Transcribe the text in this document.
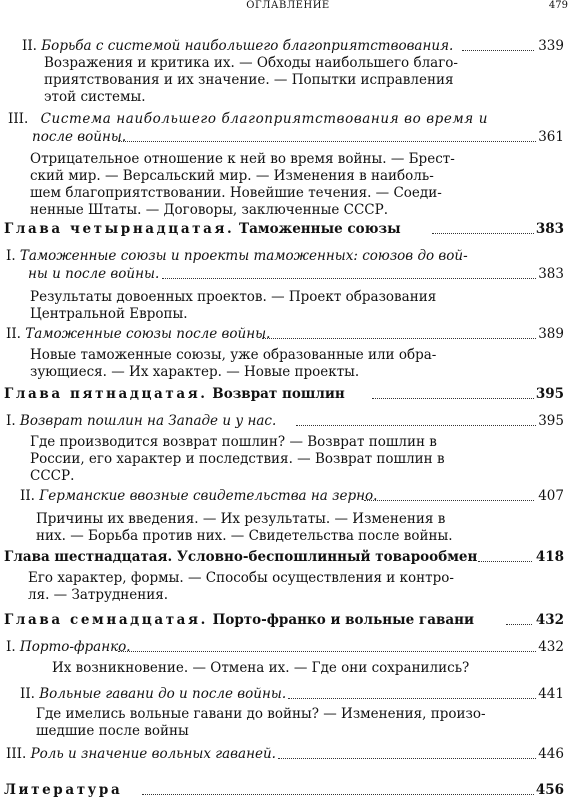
ОГЛАВЛЕНИЕ	479
II. Борьба с системой наибольшего благоприятствования.	339
Возражения и критика их. — Обходы наибольшего благо-
приятствования и их значение. — Попытки исправления
этой системы.
III. Система наибольшего благоприятствования во время и
после войны.	361
Отрицательное отношение к ней во время войны. — Брест-
ский мир. — Версальский мир. — Изменения в наиболь-
шем благоприятствовании. Новейшие течения. — Соеди-
ненные Штаты. — Договоры, заключенные СССР.
Глава четырнадцатая. Таможенные союзы	383
I. Таможенные союзы и проекты таможенных: союзов до вой-
ны и после войны.	383
Результаты довоенных проектов. — Проект образования
Центральной Европы.
II. Таможенные союзы после войны.	389
Новые таможенные союзы, уже образованные или обра-
зующиеся. — Их характер. — Новые проекты.
Глава пятнадцатая. Возврат пошлин	395
I. Возврат пошлин на Западе и у нас.	395
Где производится возврат пошлин? — Возврат пошлин в
России, его характер и последствия. — Возврат пошлин в
СССР.
II. Германские ввозные свидетельства на зерно.	407
Причины их введения. — Их результаты. — Изменения в
них. — Борьба против них. — Свидетельства после войны.
Глава шестнадцатая. Условно-беспошлинный товарообмен	418
Его характер, формы. — Способы осуществления и контро-
ля. — Затруднения.
Глава семнадцатая. Порто-франко и вольные гавани	432
I. Порто-франко.	432
Их возникновение. — Отмена их. — Где они сохранились?
II. Вольные гавани до и после войны.	441
Где имелись вольные гавани до войны? — Изменения, произо-
шедшие после войны
III. Роль и значение вольных гаваней.	446
Литература	456
